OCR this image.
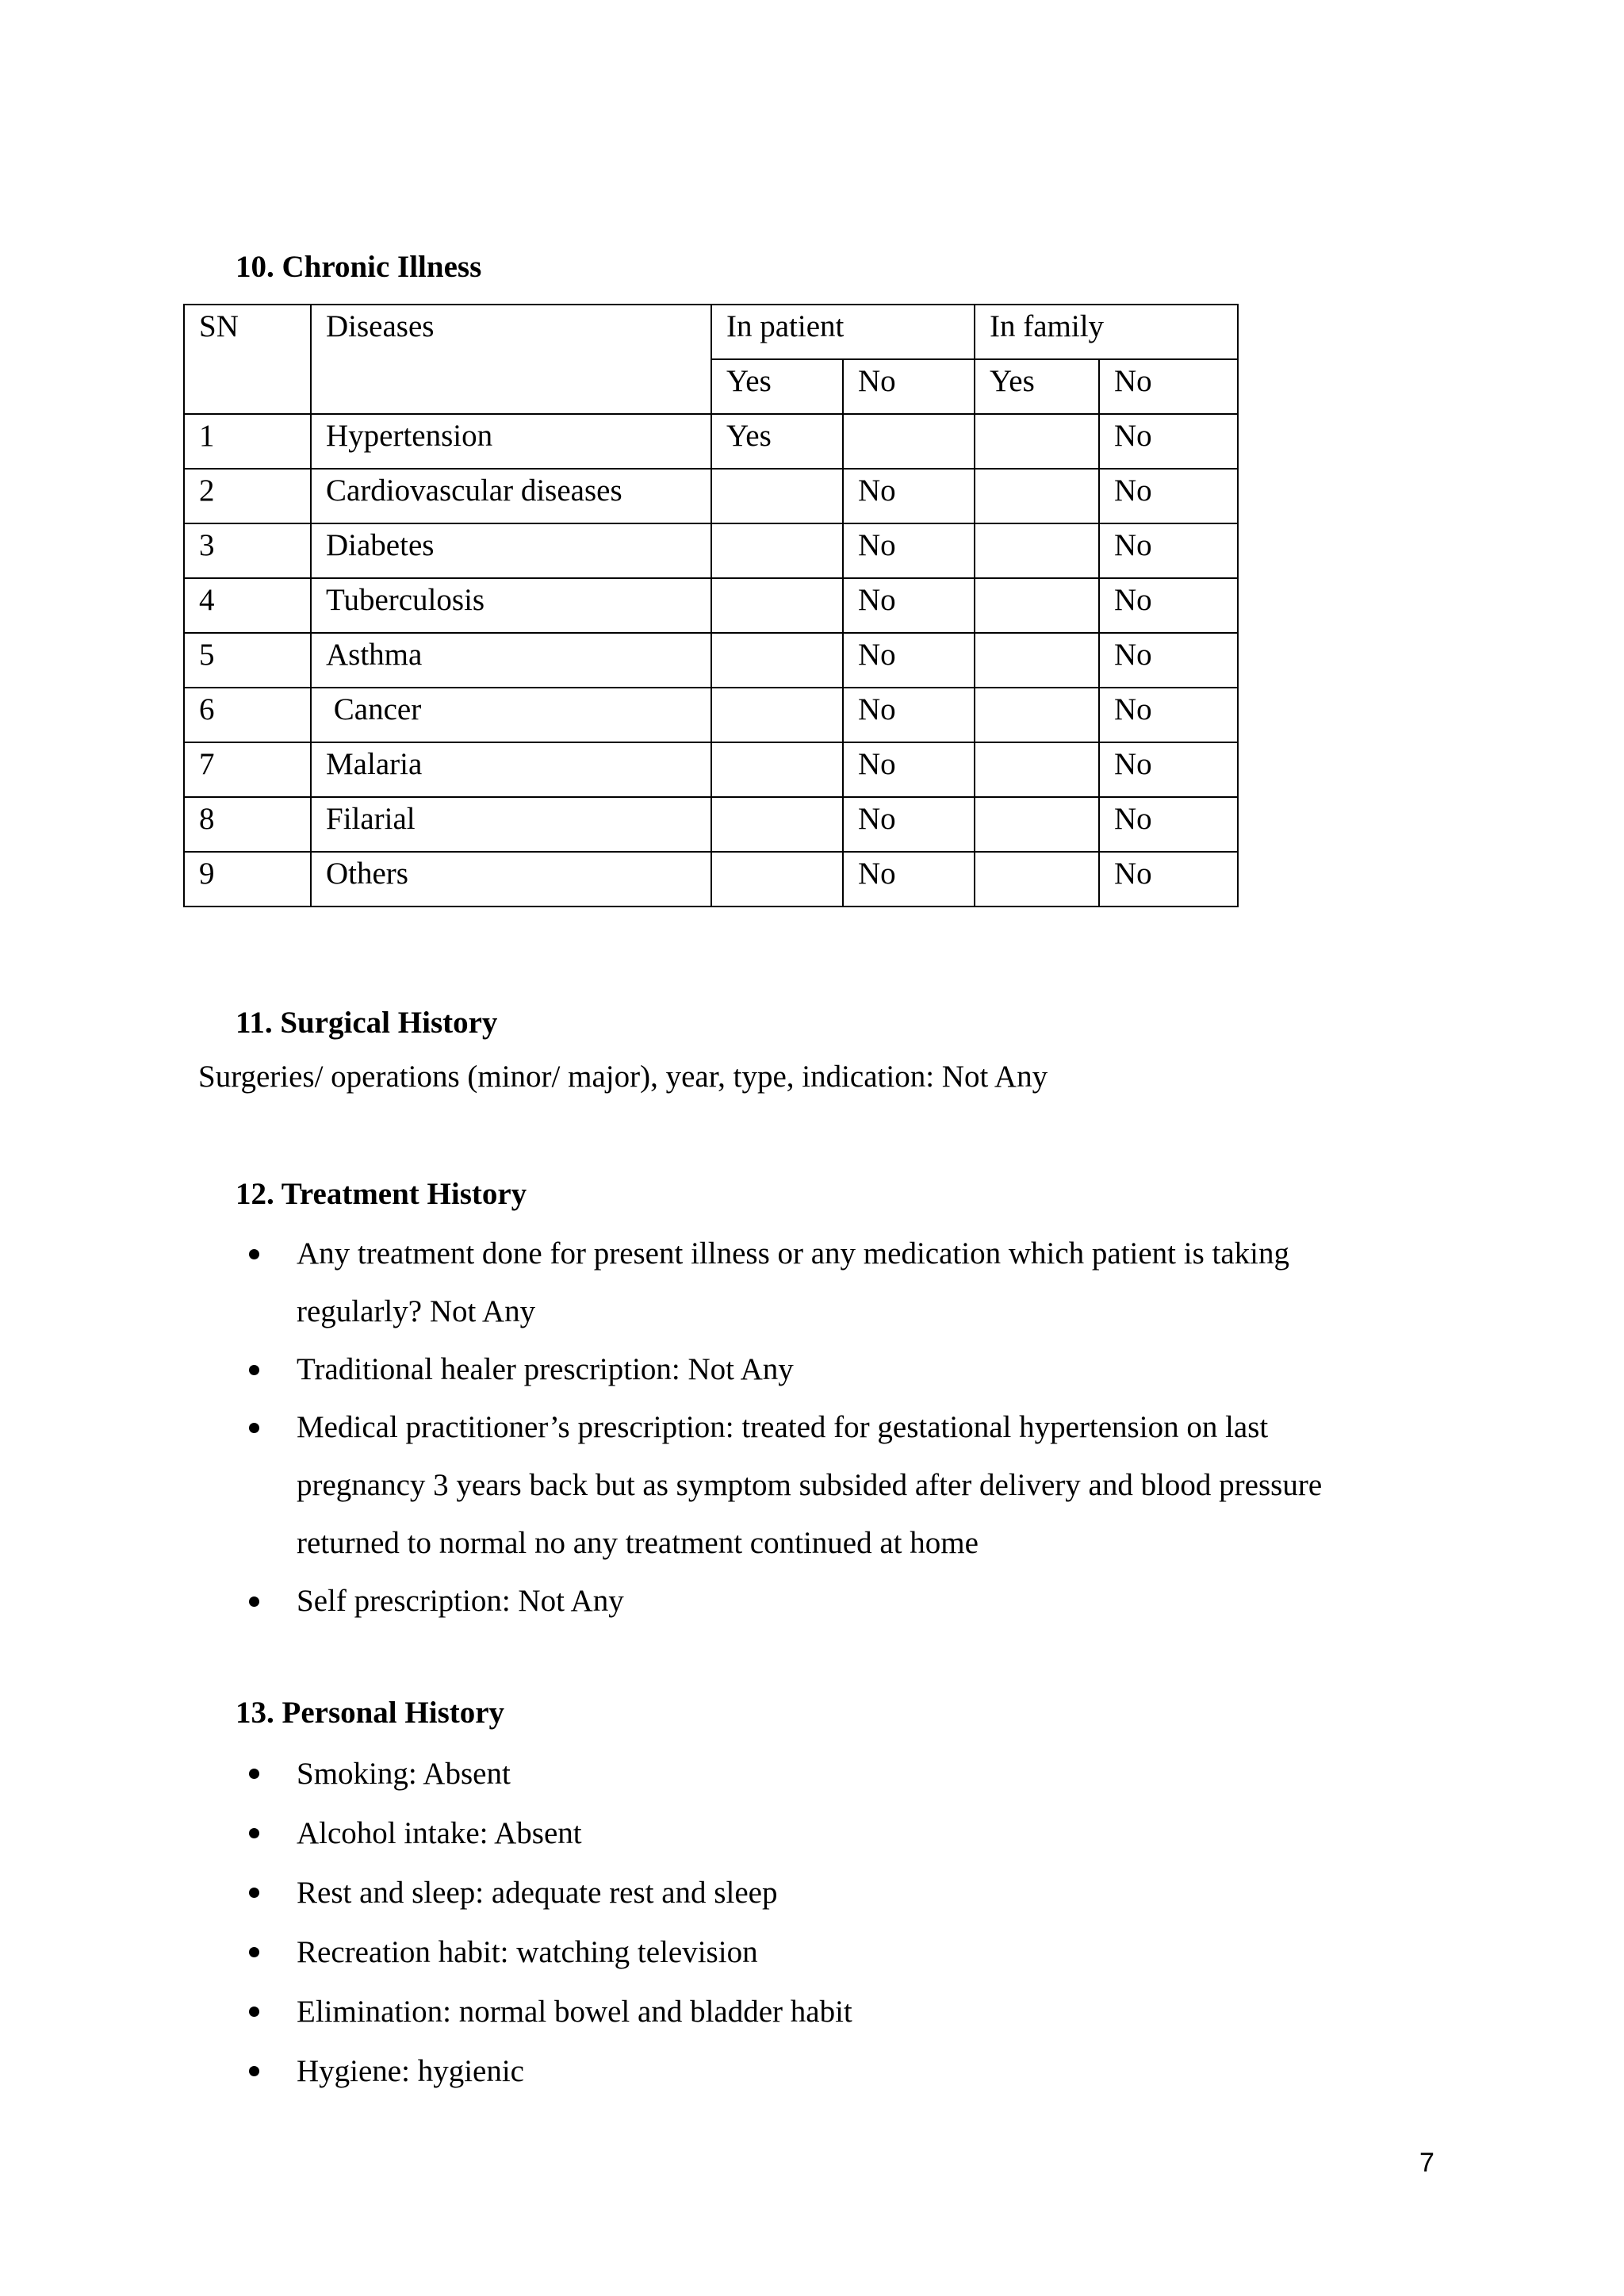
10. Chronic Illness
SN	Diseases	In patient		In family	
		Yes	No	Yes	No
1	Hypertension	Yes			No
2	Cardiovascular diseases		No		No
3	Diabetes		No		No
4	Tuberculosis		No		No
5	Asthma		No		No
6	Cancer		No		No
7	Malaria		No		No
8	Filarial		No		No
9	Others		No		No
11. Surgical History
Surgeries/ operations (minor/ major), year, type, indication: Not Any
12. Treatment History
Any treatment done for present illness or any medication which patient is taking
regularly? Not Any
Traditional healer prescription: Not Any
Medical practitioner’s prescription: treated for gestational hypertension on last
pregnancy 3 years back but as symptom subsided after delivery and blood pressure
returned to normal no any treatment continued at home
Self prescription: Not Any
13. Personal History
Smoking: Absent
Alcohol intake: Absent
Rest and sleep: adequate rest and sleep
Recreation habit: watching television
Elimination: normal bowel and bladder habit
Hygiene: hygienic
7
